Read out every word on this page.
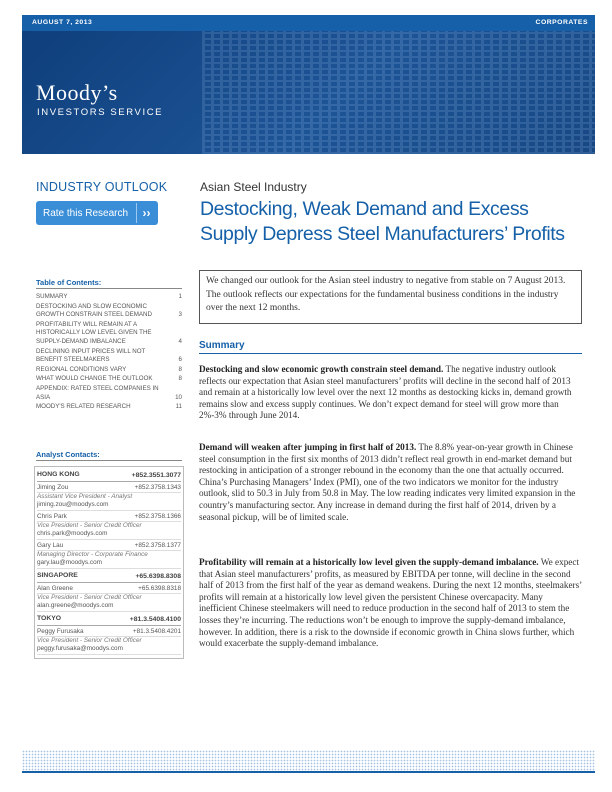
AUGUST 7, 2013	CORPORATES
Moody’s
INVESTORS SERVICE
INDUSTRY OUTLOOK
Rate this Research	››
Asian Steel Industry
Destocking, Weak Demand and Excess Supply Depress Steel Manufacturers’ Profits
Table of Contents:
SUMMARY	1
DESTOCKING AND SLOW ECONOMIC GROWTH CONSTRAIN STEEL DEMAND	3
PROFITABILITY WILL REMAIN AT A HISTORICALLY LOW LEVEL GIVEN THE SUPPLY-DEMAND IMBALANCE	4
DECLINING INPUT PRICES WILL NOT BENEFIT STEELMAKERS	6
REGIONAL CONDITIONS VARY	8
WHAT WOULD CHANGE THE OUTLOOK	8
APPENDIX: RATED STEEL COMPANIES IN ASIA	10
MOODY'S RELATED RESEARCH	11
Analyst Contacts:
HONG KONG	+852.3551.3077
Jiming Zou	+852.3758.1343
Assistant Vice President - Analyst
jiming.zou@moodys.com
Chris Park	+852.3758.1366
Vice President - Senior Credit Officer
chris.park@moodys.com
Gary Lau	+852.3758.1377
Managing Director - Corporate Finance
gary.lau@moodys.com
SINGAPORE	+65.6398.8308
Alan Greene	+65.6398.8318
Vice President - Senior Credit Officer
alan.greene@moodys.com
TOKYO	+81.3.5408.4100
Peggy Furusaka	+81.3.5408.4201
Vice President - Senior Credit Officer
peggy.furusaka@moodys.com
We changed our outlook for the Asian steel industry to negative from stable on 7 August 2013. The outlook reflects our expectations for the fundamental business conditions in the industry over the next 12 months.
Summary
Destocking and slow economic growth constrain steel demand. The negative industry outlook reflects our expectation that Asian steel manufacturers’ profits will decline in the second half of 2013 and remain at a historically low level over the next 12 months as destocking kicks in, demand growth remains slow and excess supply continues. We don’t expect demand for steel will grow more than 2%-3% through June 2014.
Demand will weaken after jumping in first half of 2013. The 8.8% year-on-year growth in Chinese steel consumption in the first six months of 2013 didn’t reflect real growth in end-market demand but restocking in anticipation of a stronger rebound in the economy than the one that actually occurred. China’s Purchasing Managers’ Index (PMI), one of the two indicators we monitor for the industry outlook, slid to 50.3 in July from 50.8 in May. The low reading indicates very limited expansion in the country’s manufacturing sector. Any increase in demand during the first half of 2014, driven by a seasonal pickup, will be of limited scale.
Profitability will remain at a historically low level given the supply-demand imbalance. We expect that Asian steel manufacturers’ profits, as measured by EBITDA per tonne, will decline in the second half of 2013 from the first half of the year as demand weakens. During the next 12 months, steelmakers’ profits will remain at a historically low level given the persistent Chinese overcapacity. Many inefficient Chinese steelmakers will need to reduce production in the second half of 2013 to stem the losses they’re incurring. The reductions won’t be enough to improve the supply-demand imbalance, however. In addition, there is a risk to the downside if economic growth in China slows further, which would exacerbate the supply-demand imbalance.
